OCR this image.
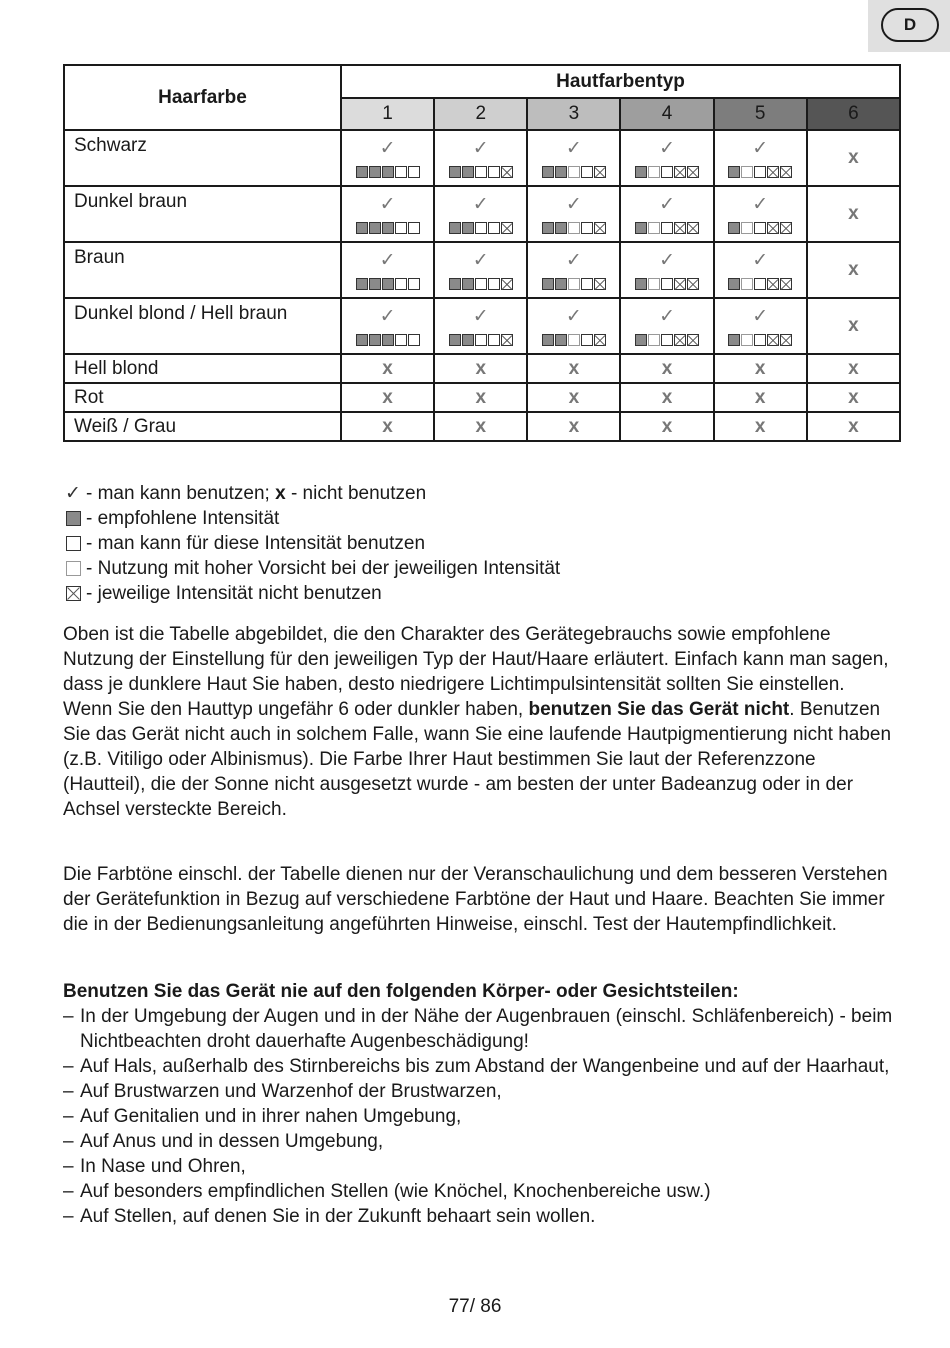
D
Haarfarbe	Hautfarbentyp					
	1	2	3	4	5	6
Schwarz	✓	✓	✓	✓	✓	x
Dunkel braun	✓	✓	✓	✓	✓	x
Braun	✓	✓	✓	✓	✓	x
Dunkel blond / Hell braun	✓	✓	✓	✓	✓	x
Hell blond	x	x	x	x	x	x
Rot	x	x	x	x	x	x
Weiß / Grau	x	x	x	x	x	x
✓ - man kann benutzen;
x
- nicht benutzen
- empfohlene Intensität
- man kann für diese Intensität benutzen
- Nutzung mit hoher Vorsicht bei der jeweiligen Intensität
- jeweilige Intensität nicht benutzen

Oben ist die Tabelle abgebildet, die den Charakter des Gerätegebrauchs sowie empfohlene Nutzung der Einstellung für den jeweiligen Typ der Haut/Haare erläutert. Einfach kann man sagen, dass je dunklere Haut Sie haben, desto niedrigere Lichtimpulsintensität sollten Sie einstellen. Wenn Sie den Hauttyp ungefähr 6 oder dunkler haben, benutzen Sie das Gerät nicht. Benutzen Sie das Gerät nicht auch in solchem Falle, wann Sie eine laufende Hautpigmentierung nicht haben (z.B. Vitiligo oder Albinismus). Die Farbe Ihrer Haut bestimmen Sie laut der Referenzzone (Hautteil), die der Sonne nicht ausgesetzt wurde - am besten der unter Badeanzug oder in der Achsel versteckte Bereich.

Die Farbtöne einschl. der Tabelle dienen nur der Veranschaulichung und dem besseren Verstehen der Gerätefunktion in Bezug auf verschiedene Farbtöne der Haut und Haare. Beachten Sie immer die in der Bedienungsanleitung angeführten Hinweise, einschl. Test der Hautempfindlichkeit.

Benutzen Sie das Gerät nie auf den folgenden Körper- oder Gesichtsteilen:
– In der Umgebung der Augen und in der Nähe der Augenbrauen (einschl. Schläfenbereich) - beim Nichtbeachten droht dauerhafte Augenbeschädigung!
– Auf Hals, außerhalb des Stirnbereichs bis zum Abstand der Wangenbeine und auf der Haarhaut,
– Auf Brustwarzen und Warzenhof der Brustwarzen,
– Auf Genitalien und in ihrer nahen Umgebung,
– Auf Anus und in dessen Umgebung,
– In Nase und Ohren,
– Auf besonders empfindlichen Stellen (wie Knöchel, Knochenbereiche usw.)
– Auf Stellen, auf denen Sie in der Zukunft behaart sein wollen.
77/ 86
